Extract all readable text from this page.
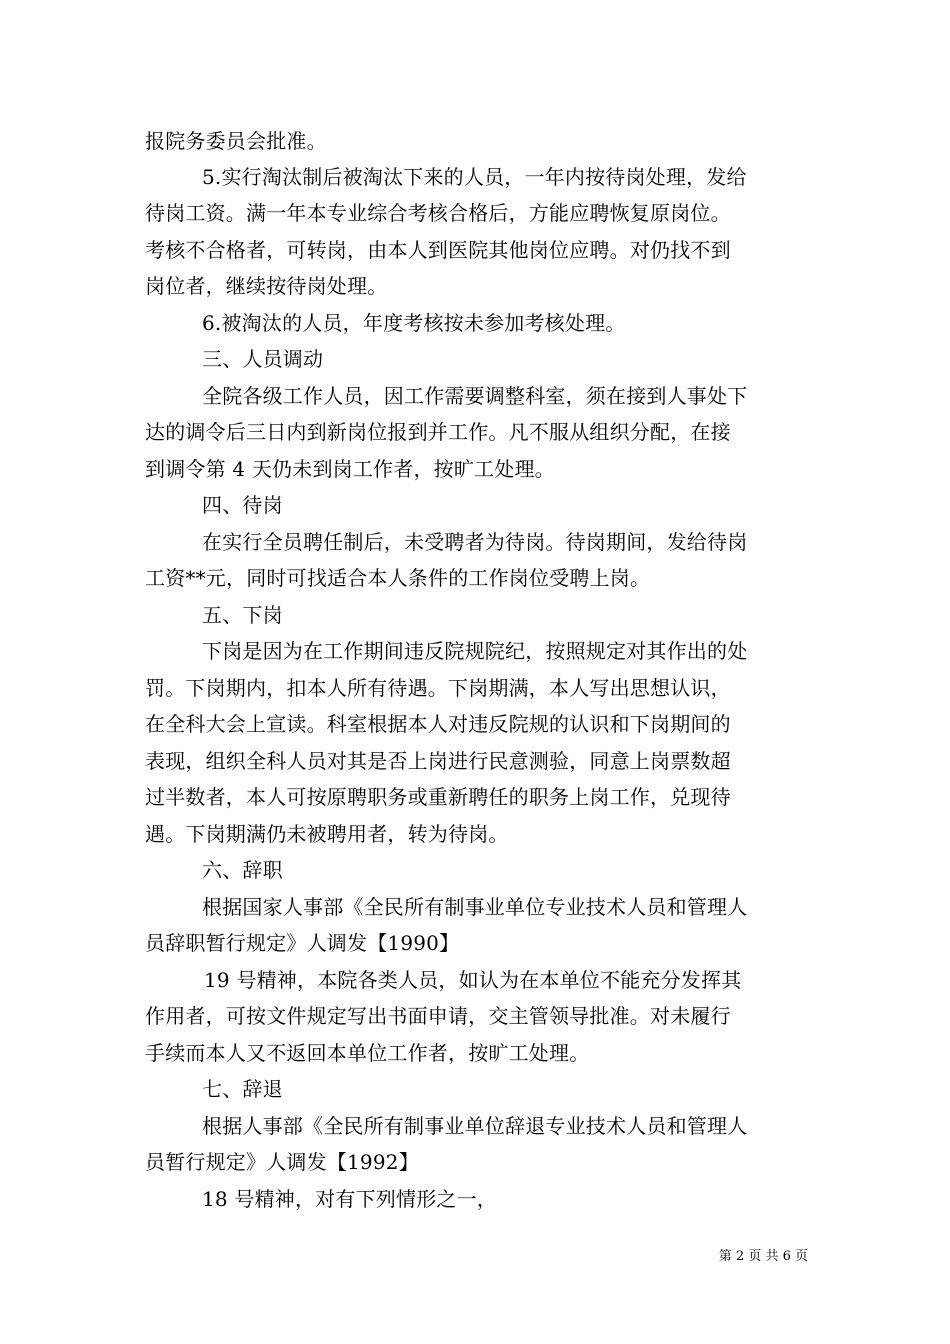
报院务委员会批准。
5.实行淘汰制后被淘汰下来的人员，一年内按待岗处理，发给
待岗工资。满一年本专业综合考核合格后，方能应聘恢复原岗位。
考核不合格者，可转岗，由本人到医院其他岗位应聘。对仍找不到
岗位者，继续按待岗处理。
6.被淘汰的人员，年度考核按未参加考核处理。
三、人员调动
全院各级工作人员，因工作需要调整科室，须在接到人事处下
达的调令后三日内到新岗位报到并工作。凡不服从组织分配，在接
到调令第 4 天仍未到岗工作者，按旷工处理。
四、待岗
在实行全员聘任制后，未受聘者为待岗。待岗期间，发给待岗
工资**元，同时可找适合本人条件的工作岗位受聘上岗。
五、下岗
下岗是因为在工作期间违反院规院纪，按照规定对其作出的处
罚。下岗期内，扣本人所有待遇。下岗期满，本人写出思想认识，
在全科大会上宣读。科室根据本人对违反院规的认识和下岗期间的
表现，组织全科人员对其是否上岗进行民意测验，同意上岗票数超
过半数者，本人可按原聘职务或重新聘任的职务上岗工作，兑现待
遇。下岗期满仍未被聘用者，转为待岗。
六、辞职
根据国家人事部《全民所有制事业单位专业技术人员和管理人
员辞职暂行规定》人调发【1990】
19 号精神，本院各类人员，如认为在本单位不能充分发挥其
作用者，可按文件规定写出书面申请，交主管领导批准。对未履行
手续而本人又不返回本单位工作者，按旷工处理。
七、辞退
根据人事部《全民所有制事业单位辞退专业技术人员和管理人
员暂行规定》人调发【1992】
18 号精神，对有下列情形之一，
第 2 页 共 6 页
